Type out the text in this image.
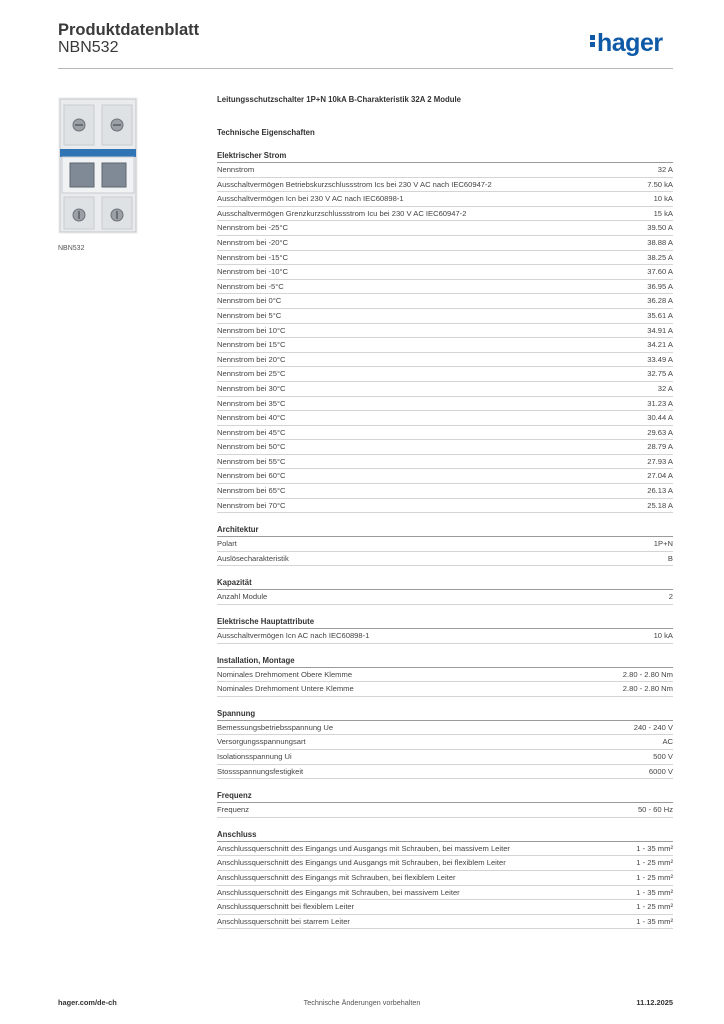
Produktdatenblatt
NBN532	hager
NBN532
Leitungsschutzschalter 1P+N 10kA B-Charakteristik 32A 2 Module
Technische Eigenschaften
Elektrischer Strom
Nennstrom	32 A
Ausschaltvermögen Betriebskurzschlussstrom Ics bei 230 V AC nach IEC60947-2	7.50 kA
Ausschaltvermögen Icn bei 230 V AC nach IEC60898-1	10 kA
Ausschaltvermögen Grenzkurzschlussstrom Icu bei 230 V AC IEC60947-2	15 kA
Nennstrom bei -25°C	39.50 A
Nennstrom bei -20°C	38.88 A
Nennstrom bei -15°C	38.25 A
Nennstrom bei -10°C	37.60 A
Nennstrom bei -5°C	36.95 A
Nennstrom bei 0°C	36.28 A
Nennstrom bei 5°C	35.61 A
Nennstrom bei 10°C	34.91 A
Nennstrom bei 15°C	34.21 A
Nennstrom bei 20°C	33.49 A
Nennstrom bei 25°C	32.75 A
Nennstrom bei 30°C	32 A
Nennstrom bei 35°C	31.23 A
Nennstrom bei 40°C	30.44 A
Nennstrom bei 45°C	29.63 A
Nennstrom bei 50°C	28.79 A
Nennstrom bei 55°C	27.93 A
Nennstrom bei 60°C	27.04 A
Nennstrom bei 65°C	26.13 A
Nennstrom bei 70°C	25.18 A
Architektur
Polart	1P+N
Auslösecharakteristik	B
Kapazität
Anzahl Module	2
Elektrische Hauptattribute
Ausschaltvermögen Icn AC nach IEC60898-1	10 kA
Installation, Montage
Nominales Drehmoment Obere Klemme	2.80 - 2.80 Nm
Nominales Drehmoment Untere Klemme	2.80 - 2.80 Nm
Spannung
Bemessungsbetriebsspannung Ue	240 - 240 V
Versorgungsspannungsart	AC
Isolationsspannung Ui	500 V
Stossspannungsfestigkeit	6000 V
Frequenz
Frequenz	50 - 60 Hz
Anschluss
Anschlussquerschnitt des Eingangs und Ausgangs mit Schrauben, bei massivem Leiter	1 - 35 mm²
Anschlussquerschnitt des Eingangs und Ausgangs mit Schrauben, bei flexiblem Leiter	1 - 25 mm²
Anschlussquerschnitt des Eingangs mit Schrauben, bei flexiblem Leiter	1 - 25 mm²
Anschlussquerschnitt des Eingangs mit Schrauben, bei massivem Leiter	1 - 35 mm²
Anschlussquerschnitt bei flexiblem Leiter	1 - 25 mm²
Anschlussquerschnitt bei starrem Leiter	1 - 35 mm²
hager.com/de-ch	Technische Änderungen vorbehalten	11.12.2025
